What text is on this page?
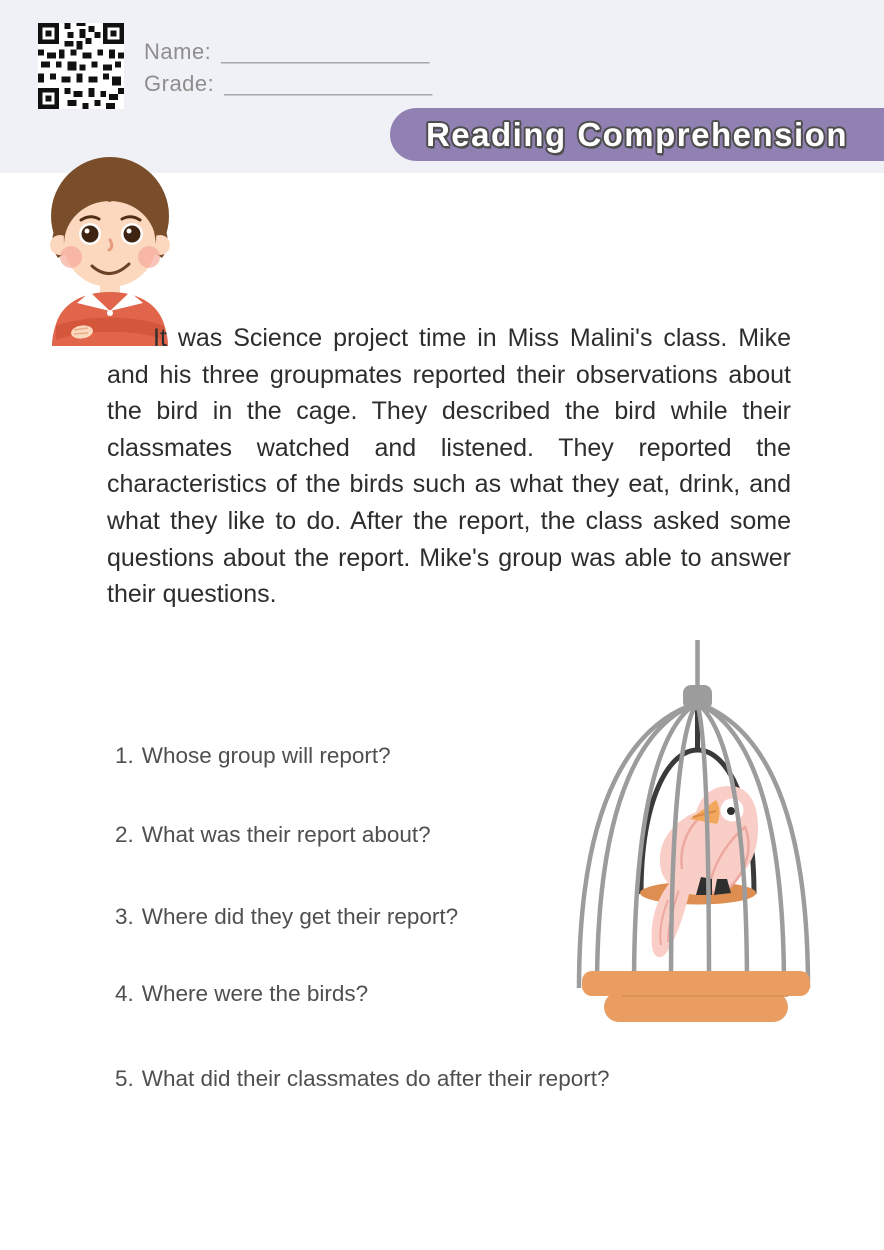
Name: _________________
Grade: _________________
Reading Comprehension

It was Science project time in Miss Malini's class. Mike and his three groupmates reported their observations about the bird in the cage. They described the bird while their classmates watched and listened. They reported the characteristics of the birds such as what they eat, drink, and what they like to do. After the report, the class asked some questions about the report. Mike's group was able to answer their questions.

1. Whose group will report?
2. What was their report about?
3. Where did they get their report?
4. Where were the birds?
5. What did their classmates do after their report?
